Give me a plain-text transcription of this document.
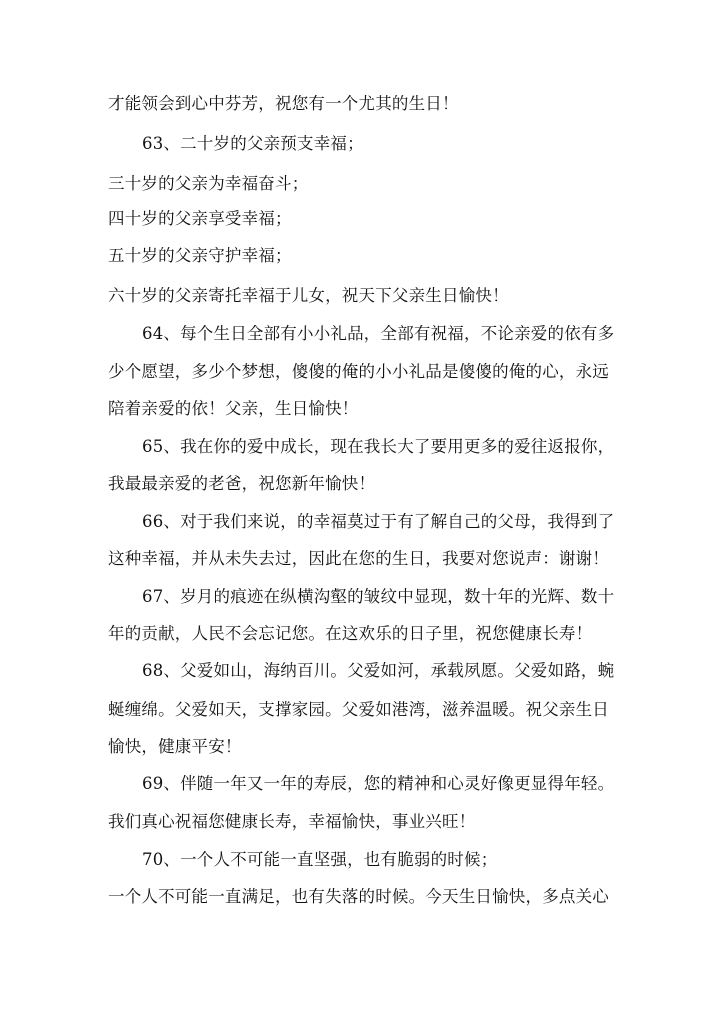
才能领会到心中芬芳，祝您有一个尤其的生日！
63、二十岁的父亲预支幸福；
三十岁的父亲为幸福奋斗；
四十岁的父亲享受幸福；
五十岁的父亲守护幸福；
六十岁的父亲寄托幸福于儿女，祝天下父亲生日愉快！
64、每个生日全部有小小礼品，全部有祝福，不论亲爱的依有多
少个愿望，多少个梦想，傻傻的俺的小小礼品是傻傻的俺的心，永远
陪着亲爱的依！父亲，生日愉快！
65、我在你的爱中成长，现在我长大了要用更多的爱往返报你，
我最最亲爱的老爸，祝您新年愉快！
66、对于我们来说，的幸福莫过于有了解自己的父母，我得到了
这种幸福，并从未失去过，因此在您的生日，我要对您说声：谢谢！
67、岁月的痕迹在纵横沟壑的皱纹中显现，数十年的光辉、数十
年的贡献，人民不会忘记您。在这欢乐的日子里，祝您健康长寿！
68、父爱如山，海纳百川。父爱如河，承载夙愿。父爱如路，蜿
蜒缠绵。父爱如天，支撑家园。父爱如港湾，滋养温暖。祝父亲生日
愉快，健康平安！
69、伴随一年又一年的寿辰，您的精神和心灵好像更显得年轻。
我们真心祝福您健康长寿，幸福愉快，事业兴旺！
70、一个人不可能一直坚强，也有脆弱的时候；
一个人不可能一直满足，也有失落的时候。今天生日愉快，多点关心
